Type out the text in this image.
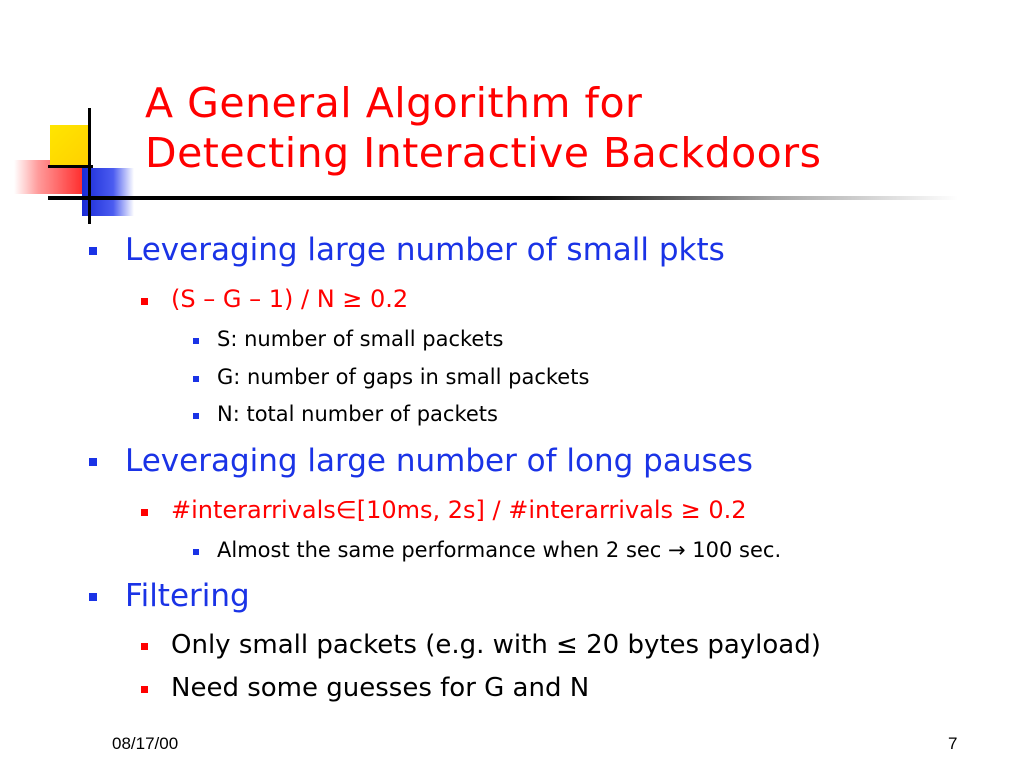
A General Algorithm for
Detecting Interactive Backdoors
Leveraging large number of small pkts
(S – G – 1) / N ≥ 0.2
S: number of small packets
G: number of gaps in small packets
N: total number of packets
Leveraging large number of long pauses
#interarrivals∈[10ms, 2s] / #interarrivals ≥ 0.2
Almost the same performance when 2 sec → 100 sec.
Filtering
Only small packets (e.g. with ≤ 20 bytes payload)
Need some guesses for G and N
08/17/00	7
